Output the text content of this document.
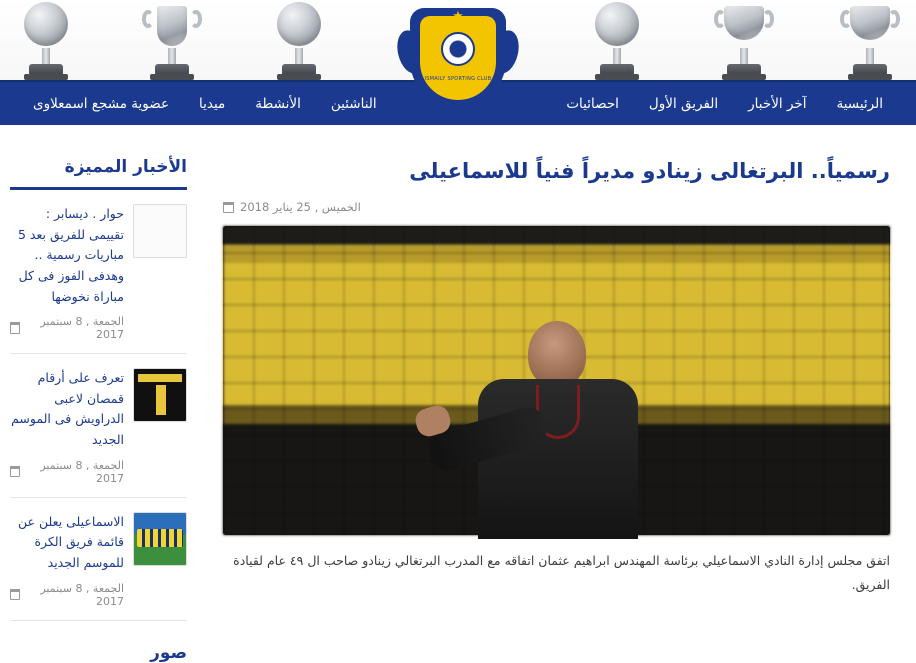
★
ISMAILY SPORTING CLUB
الرئيسية
آخر الأخبار
الفريق الأول
احصائيات
الناشئين
الأنشطة
ميديا
عضوية مشجع اسمعلاوى
رسمياً.. البرتغالى زينادو مديراً فنياً للاسماعيلى
الخميس , 25 يناير 2018

اتفق مجلس إدارة النادي الاسماعيلي برئاسة المهندس ابراهيم عثمان اتفاقه مع المدرب البرتغالي زينادو صاحب ال ٤٩ عام لقيادة الفريق.

الأخبار المميزة
حوار . ديسابر : تقييمى للفريق بعد 5 مباريات رسمية .. وهدفى الفوز فى كل مباراة نخوضها
الجمعة , 8 سبتمبر 2017
تعرف على أرقام قمصان لاعبى الدراويش فى الموسم الجديد
الجمعة , 8 سبتمبر 2017
الاسماعيلى يعلن عن قائمة فريق الكرة للموسم الجديد
الجمعة , 8 سبتمبر 2017
صور
